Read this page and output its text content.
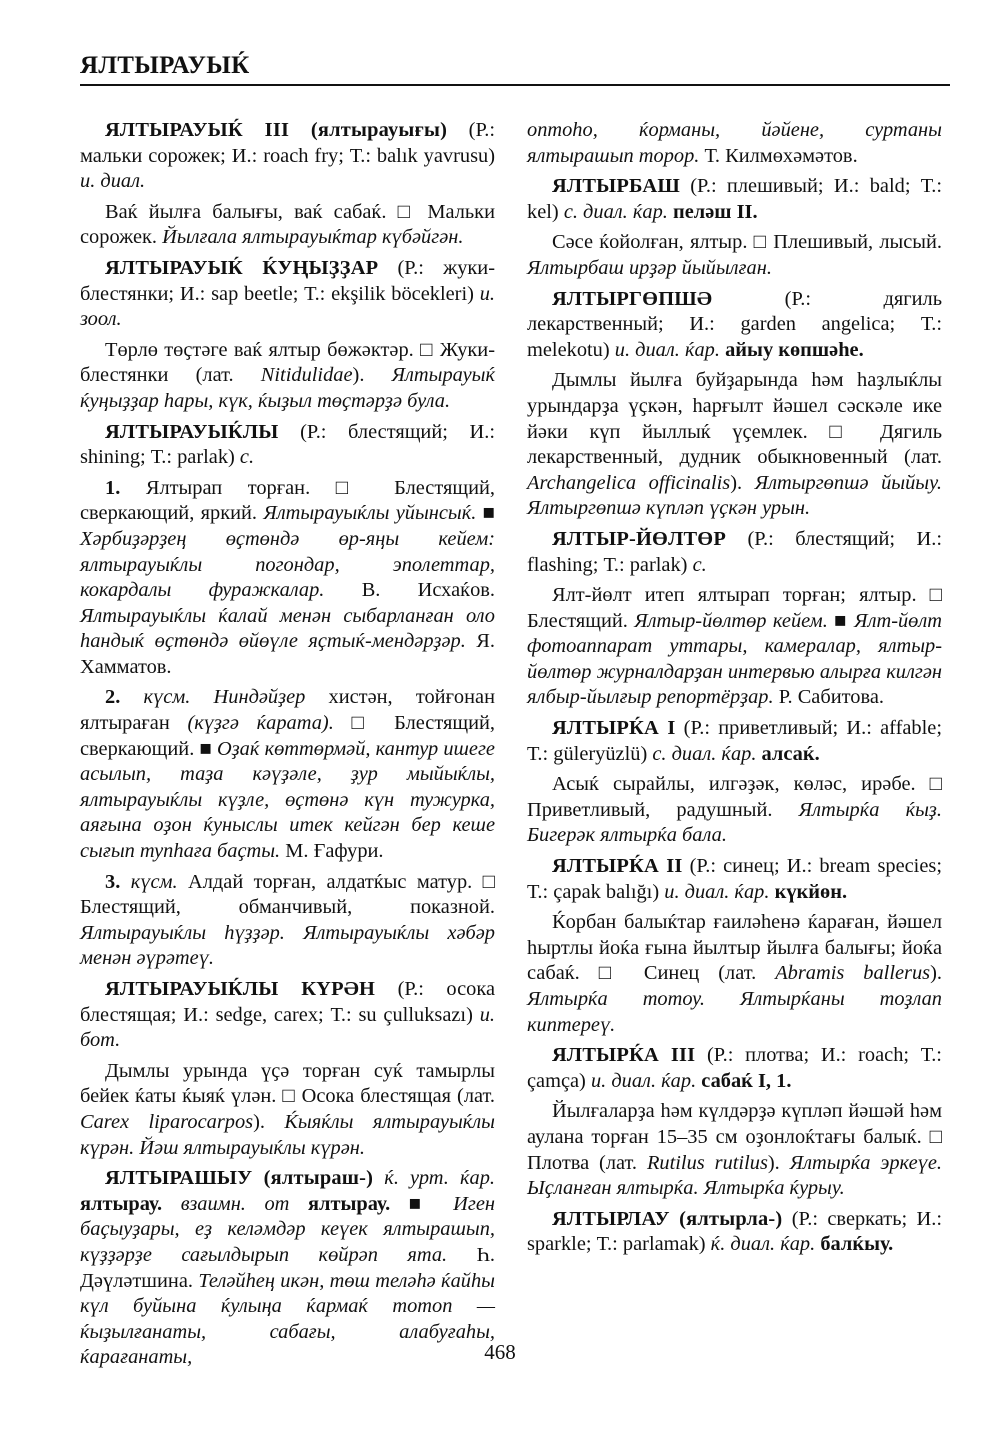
ЯЛТЫРАУЫЌ

ЯЛТЫРАУЫЌ III (ялтырауығы) (Р.: мальки сорожек; И.: roach fry; Т.: balık yavrusu) и. диал.

Ваќ йылға балығы, ваќ сабаќ. □ Мальки сорожек. Йылғала ялтырауыќтар күбәйгән.

ЯЛТЫРАУЫЌ ЌУҢЫҘҘАР (Р.: жуки-блестянки; И.: sap beetle; Т.: ekşilik böcekleri) и. зоол.

Төрлө төҫтәге ваќ ялтыр бөжәктәр. □ Жуки-блестянки (лат. Nitidulidae). Ялтырауыќ ќуңыҙҙар һары, күк, ќыҙыл төҫтәрҙә була.

ЯЛТЫРАУЫЌЛЫ (Р.: блестящий; И.: shining; Т.: parlak) с.

1. Ялтырап торған. □ Блестящий, сверкающий, яркий. Ялтырауыќлы уйынсыќ. ■ Хәрбиҙәрҙең өҫтөндә өр-яңы кейем: ялтырауыќлы погондар, эполеттар, кокардалы фуражкалар. В. Исхаќов. Ялтырауыќлы ќалай менән сыбарланған оло һандыќ өҫтөндә өйөүле яҫтыќ-мендәрҙәр. Я. Хамматов.

2. күсм. Ниндәйҙер хистән, тойғонан ялтыраған (күҙгә ќарата). □ Блестящий, сверкающий. ■ Оҙаќ көттөрмәй, кантур ишеге асылып, таҙа кәүҙәле, ҙур мыйыќлы, ялтырауыќлы күҙле, өҫтөнә күн тужурка, аяғына оҙон ќуныслы итек кейгән бер кеше сығып тупһаға баҫты. М. Ғафури.

3. күсм. Алдай торған, алдатќыс матур. □ Блестящий, обманчивый, показной. Ялтырауыќлы һүҙҙәр. Ялтырауыќлы хәбәр менән әүрәтеү.

ЯЛТЫРАУЫЌЛЫ КҮРӘН (Р.: осока блестящая; И.: sedge, carex; Т.: su çulluksazı) и. бот.

Дымлы урында үҫә торған суќ тамырлы бейек ќаты ќыяќ үлән. □ Осока блестящая (лат. Carex liparocarpos). Ќыяќлы ялтырауыќлы күрән. Йәш ялтырауыќлы күрән.

ЯЛТЫРАШЫУ (ялтыраш-) ќ. урт. ќар. ялтырау. взаимн. от ялтырау. ■ Иген баҫыуҙары, еҙ келәмдәр кеүек ялтырашып, күҙҙәрҙе сағылдырып көйрәп ята. Һ. Дәүләтшина. Теләйһең икән, төш теләһә ќайһы күл буйына ќулыңа ќармаќ тотоп — ќыҙылғанаты, сабағы, алабуғаһы, ќарағанаты,

оптоһо, ќорманы, йәйене, суртаны ялтырашып торор. Т. Килмөхәмәтов.

ЯЛТЫРБАШ (Р.: плешивый; И.: bald; Т.: kel) с. диал. ќар. пеләш II.

Сәсе ќойолған, ялтыр. □ Плешивый, лысый. Ялтырбаш ирҙәр йыйылған.

ЯЛТЫРГӨПШӘ (Р.: дягиль лекарственный; И.: garden angelica; Т.: melekotu) и. диал. ќар. айыу көпшәһе.

Дымлы йылға буйҙарында һәм һаҙлыќлы урындарҙа үҫкән, һарғылт йәшел сәскәле ике йәки күп йыллыќ үҫемлек. □ Дягиль лекарственный, дудник обыкновенный (лат. Archangelica officinalis). Ялтыргөпшә йыйыу. Ялтыргөпшә күпләп үҫкән урын.

ЯЛТЫР-ЙӨЛТӨР (Р.: блестящий; И.: flashing; Т.: parlak) с.

Ялт-йөлт итеп ялтырап торған; ялтыр. □ Блестящий. Ялтыр-йөлтөр кейем. ■ Ялт-йөлт фотоаппарат уттары, камералар, ялтыр-йөлтөр журналдарҙан интервью алырға килгән ялбыр-йылғыр репортёрҙар. Р. Сабитова.

ЯЛТЫРЌА I (Р.: приветливый; И.: affable; Т.: güleryüzlü) с. диал. ќар. алсаќ.

Асыќ сырайлы, илгәҙәк, көләс, ирәбе. □ Приветливый, радушный. Ялтырќа ќыҙ. Бигерәк ялтырќа бала.

ЯЛТЫРЌА II (Р.: синец; И.: bream species; Т.: çapak balığı) и. диал. ќар. күкйөн.

Ќорбан балыќтар ғаиләһенә ќараған, йәшел һыртлы йоќа ғына йылтыр йылға балығы; йоќа сабаќ. □ Синец (лат. Abramis ballerus). Ялтырќа тотоу. Ялтырќаны тоҙлап киптереү.

ЯЛТЫРЌА III (Р.: плотва; И.: roach; Т.: çamça) и. диал. ќар. сабаќ I, 1.

Йылғаларҙа һәм күлдәрҙә күпләп йәшәй һәм аулана торған 15–35 см оҙонлоќтағы балыќ. □ Плотва (лат. Rutilus rutilus). Ялтырќа эркеүе. Ыҫланған ялтырќа. Ялтырќа ќурыу.

ЯЛТЫРЛАУ (ялтырла-) (Р.: сверкать; И.: sparkle; Т.: parlamak) ќ. диал. ќар. балќыу.

468
